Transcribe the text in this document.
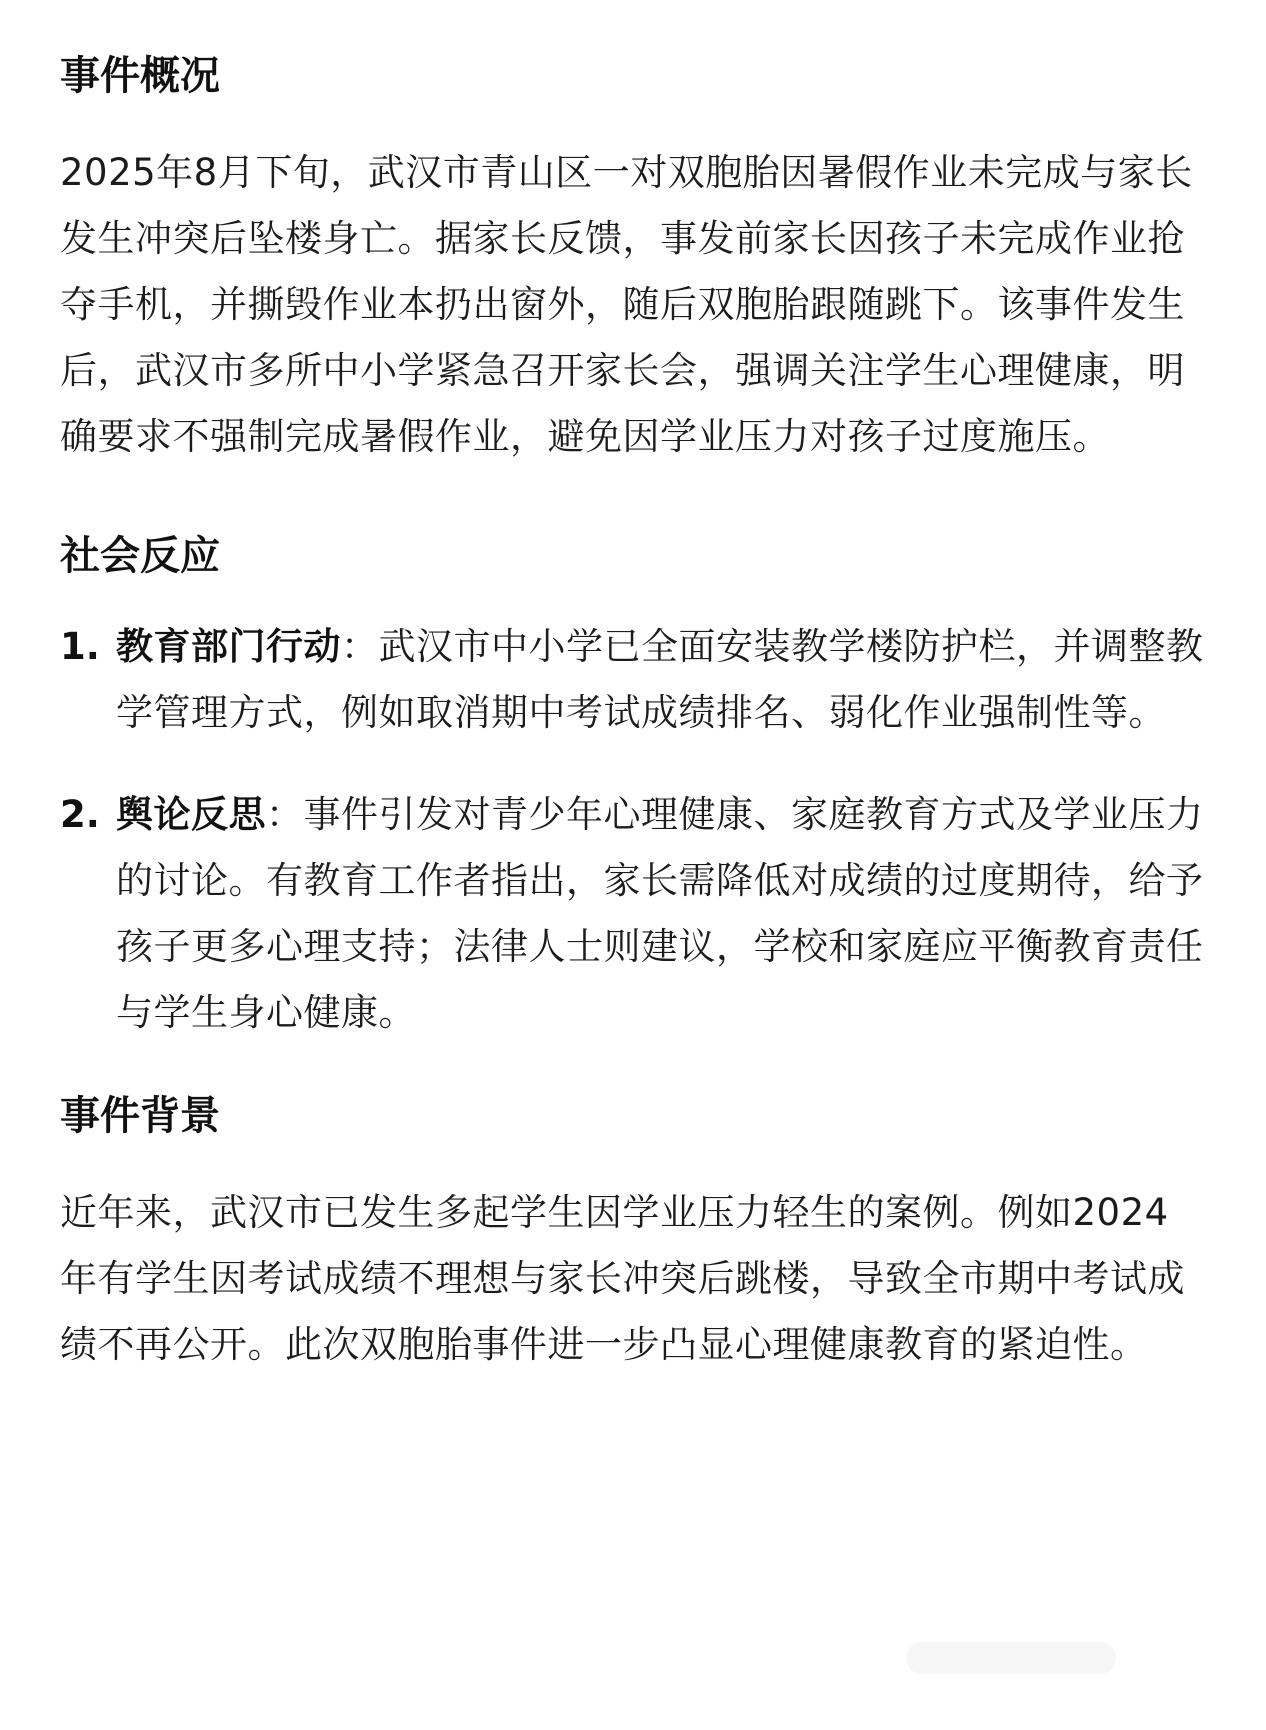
事件概况

2025年8月下旬，武汉市青山区一对双胞胎因暑假作业未完成与家长发生冲突后坠楼身亡。据家长反馈，事发前家长因孩子未完成作业抢夺手机，并撕毁作业本扔出窗外，随后双胞胎跟随跳下。该事件发生后，武汉市多所中小学紧急召开家长会，强调关注学生心理健康，明确要求不强制完成暑假作业，避免因学业压力对孩子过度施压。

社会反应
1. 教育部门行动：武汉市中小学已全面安装教学楼防护栏，并调整教学管理方式，例如取消期中考试成绩排名、弱化作业强制性等。
2. 舆论反思：事件引发对青少年心理健康、家庭教育方式及学业压力的讨论。有教育工作者指出，家长需降低对成绩的过度期待，给予孩子更多心理支持；法律人士则建议，学校和家庭应平衡教育责任与学生身心健康。
事件背景

近年来，武汉市已发生多起学生因学业压力轻生的案例。例如2024年有学生因考试成绩不理想与家长冲突后跳楼，导致全市期中考试成绩不再公开。此次双胞胎事件进一步凸显心理健康教育的紧迫性。
